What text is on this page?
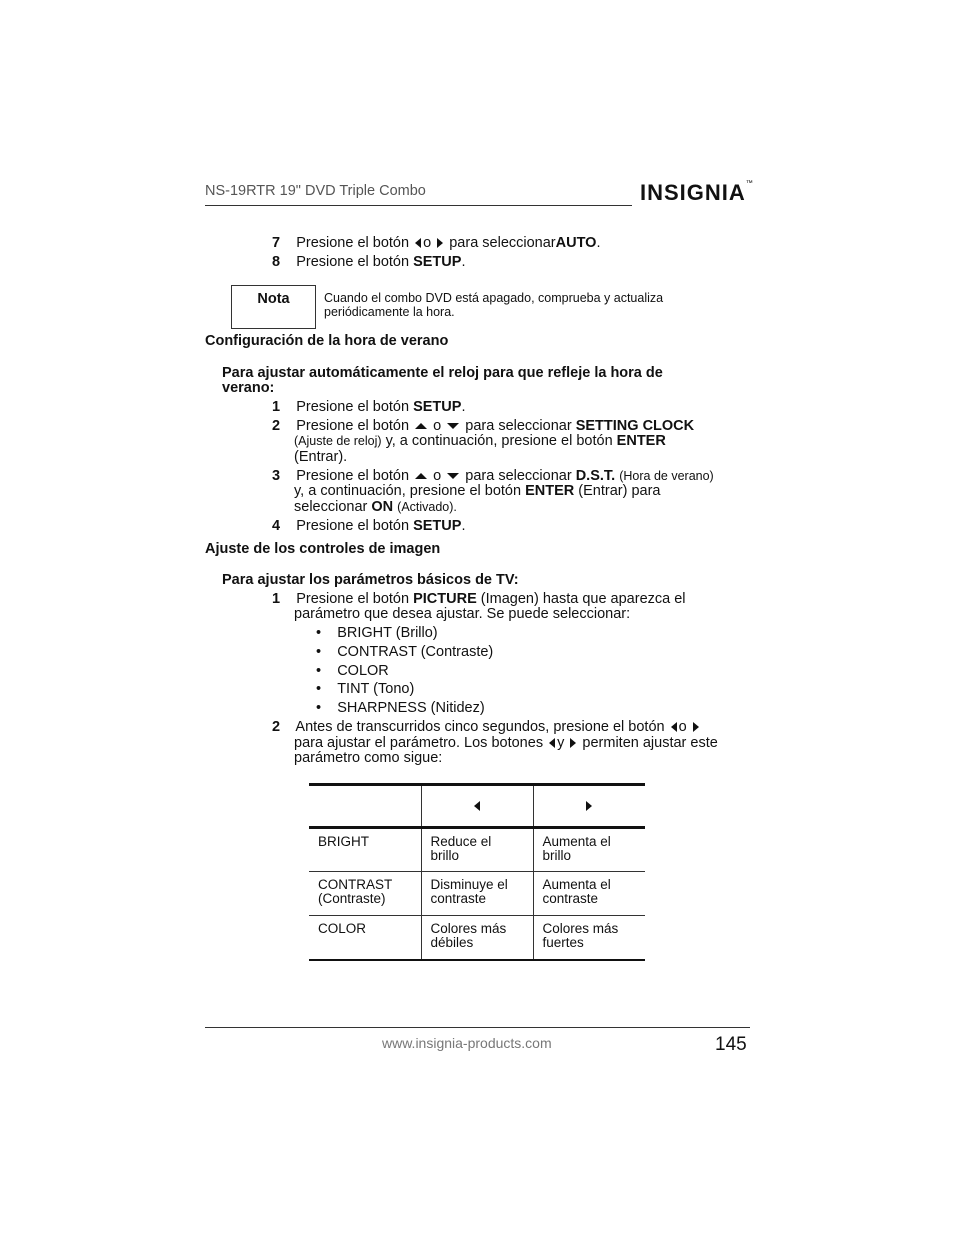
NS-19RTR 19" DVD Triple Combo	INSIGNIA™
7 Presione el botón o para seleccionarAUTO.
8 Presione el botón SETUP.
Nota	Cuando el combo DVD está apagado, comprueba y actualiza periódicamente la hora.
Configuración de la hora de verano
Para ajustar automáticamente el reloj para que refleje la hora de
verano:
1 Presione el botón SETUP.
2 Presione el botón o para seleccionar SETTING CLOCK
(Ajuste de reloj) y, a continuación, presione el botón ENTER
(Entrar).
3 Presione el botón o para seleccionar D.S.T. (Hora de verano)
y, a continuación, presione el botón ENTER (Entrar) para
seleccionar ON (Activado).
4 Presione el botón SETUP.
Ajuste de los controles de imagen
Para ajustar los parámetros básicos de TV:
1 Presione el botón PICTURE (Imagen) hasta que aparezca el
parámetro que desea ajustar. Se puede seleccionar:
• BRIGHT (Brillo)
• CONTRAST (Contraste)
• COLOR
• TINT (Tono)
• SHARPNESS (Nitidez)
2 Antes de transcurridos cinco segundos, presione el botón o
para ajustar el parámetro. Los botones y permiten ajustar este
parámetro como sigue:

BRIGHT	Reduce el brillo	Aumenta el brillo
CONTRAST (Contraste)	Disminuye el contraste	Aumenta el contraste
COLOR	Colores más débiles	Colores más fuertes
www.insignia-products.com	145
